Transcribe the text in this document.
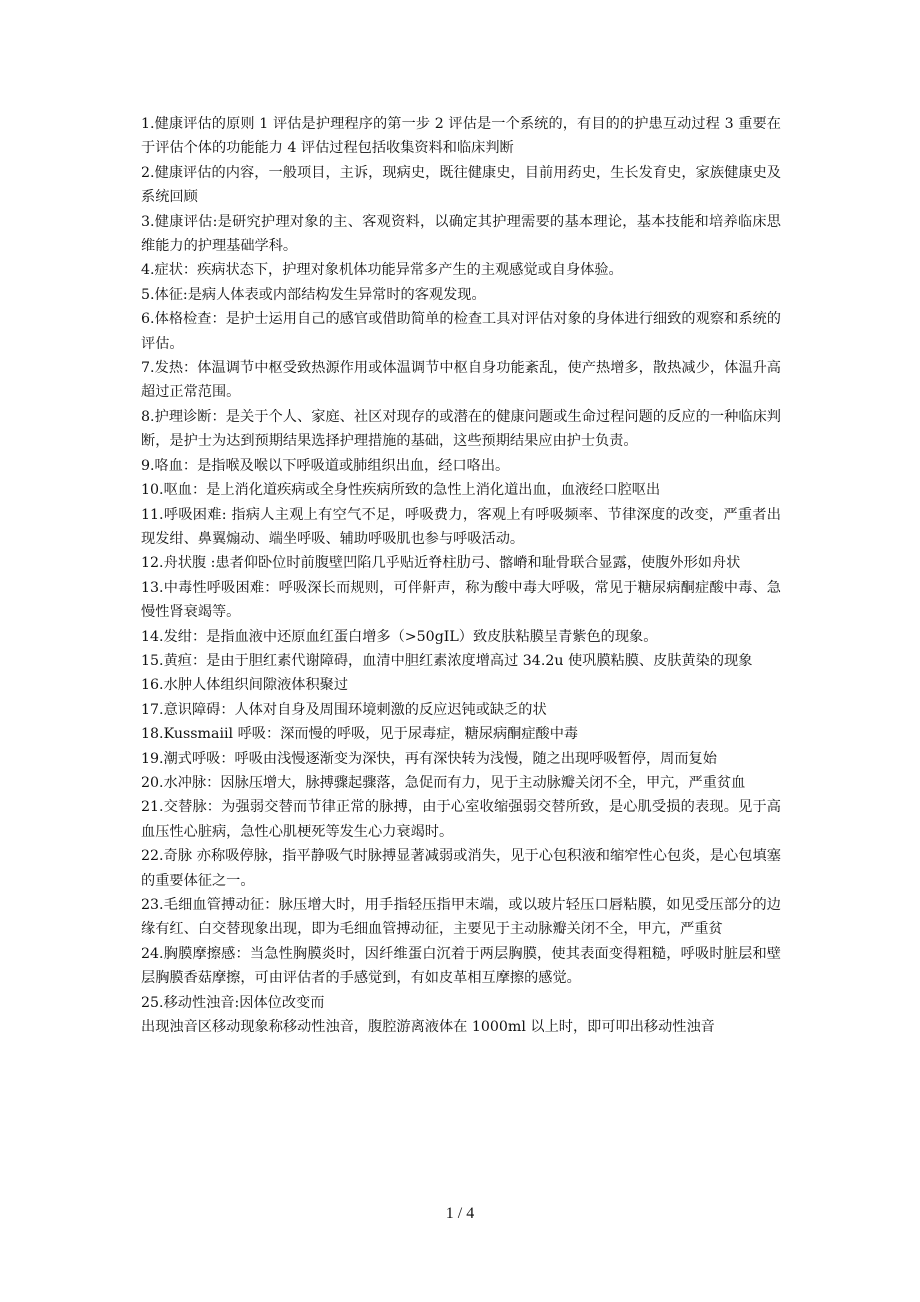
1.健康评估的原则 1 评估是护理程序的第一步 2 评估是一个系统的，有目的的护患互动过程 3 重要在于评估个体的功能能力 4 评估过程包括收集资料和临床判断

2.健康评估的内容，一般项目，主诉，现病史，既往健康史，目前用药史，生长发育史，家族健康史及系统回顾

3.健康评估:是研究护理对象的主、客观资料，以确定其护理需要的基本理论，基本技能和培养临床思维能力的护理基础学科。

4.症状：疾病状态下，护理对象机体功能异常多产生的主观感觉或自身体验。

5.体征:是病人体表或内部结构发生异常时的客观发现。

6.体格检查：是护士运用自己的感官或借助简单的检查工具对评估对象的身体进行细致的观察和系统的评估。

7.发热：体温调节中枢受致热源作用或体温调节中枢自身功能紊乱，使产热增多，散热减少，体温升高超过正常范围。

8.护理诊断：是关于个人、家庭、社区对现存的或潜在的健康问题或生命过程问题的反应的一种临床判断，是护士为达到预期结果选择护理措施的基础，这些预期结果应由护士负责。

9.咯血：是指喉及喉以下呼吸道或肺组织出血，经口咯出。

10.呕血：是上消化道疾病或全身性疾病所致的急性上消化道出血，血液经口腔呕出

11.呼吸困难: 指病人主观上有空气不足，呼吸费力，客观上有呼吸频率、节律深度的改变，严重者出现发绀、鼻翼煽动、端坐呼吸、辅助呼吸肌也参与呼吸活动。

12.舟状腹 :患者仰卧位时前腹壁凹陷几乎贴近脊柱肋弓、髂嵴和耻骨联合显露，使腹外形如舟状

13.中毒性呼吸困难：呼吸深长而规则，可伴鼾声，称为酸中毒大呼吸，常见于糖尿病酮症酸中毒、急慢性肾衰竭等。

14.发绀：是指血液中还原血红蛋白增多（>50gIL）致皮肤粘膜呈青紫色的现象。

15.黄疸：是由于胆红素代谢障碍，血清中胆红素浓度增高过 34.2u 使巩膜粘膜、皮肤黄染的现象

16.水肿人体组织间隙液体积聚过

17.意识障碍：人体对自身及周围环境刺激的反应迟钝或缺乏的状

18.Kussmaiil 呼吸：深而慢的呼吸，见于尿毒症，糖尿病酮症酸中毒

19.潮式呼吸：呼吸由浅慢逐渐变为深快，再有深快转为浅慢，随之出现呼吸暂停，周而复始

20.水冲脉：因脉压增大，脉搏骤起骤落，急促而有力，见于主动脉瓣关闭不全，甲亢，严重贫血

21.交替脉：为强弱交替而节律正常的脉搏，由于心室收缩强弱交替所致，是心肌受损的表现。见于高血压性心脏病，急性心肌梗死等发生心力衰竭时。

22.奇脉 亦称吸停脉，指平静吸气时脉搏显著减弱或消失，见于心包积液和缩窄性心包炎，是心包填塞的重要体征之一。

23.毛细血管搏动征：脉压增大时，用手指轻压指甲末端，或以玻片轻压口唇粘膜，如见受压部分的边缘有红、白交替现象出现，即为毛细血管搏动征，主要见于主动脉瓣关闭不全，甲亢，严重贫

24.胸膜摩擦感：当急性胸膜炎时，因纤维蛋白沉着于两层胸膜，使其表面变得粗糙，呼吸时脏层和壁层胸膜香菇摩擦，可由评估者的手感觉到，有如皮革相互摩擦的感觉。

25.移动性浊音:因体位改变而

出现浊音区移动现象称移动性浊音，腹腔游离液体在 1000ml 以上时，即可叩出移动性浊音

1 / 4
